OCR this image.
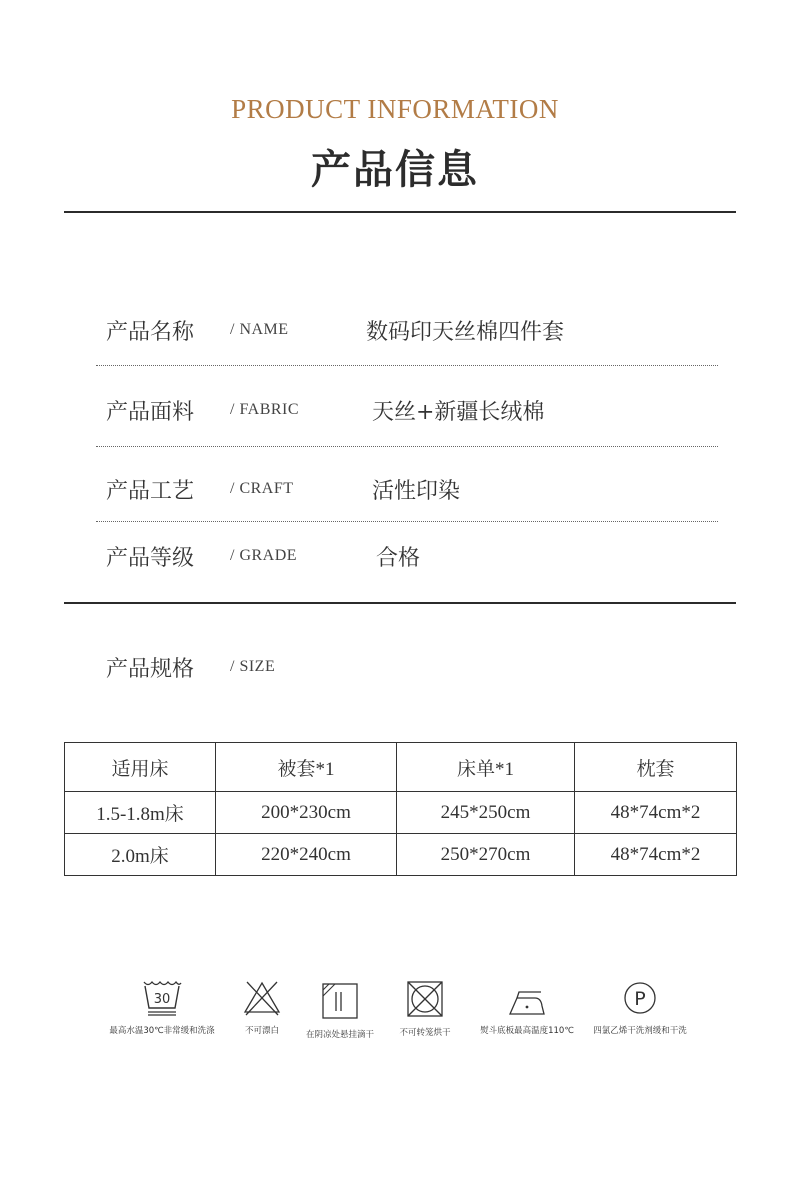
PRODUCT INFORMATION
产品信息
产品名称 / NAME	数码印天丝棉四件套
产品面料 / FABRIC	天丝+新疆长绒棉
产品工艺 / CRAFT	活性印染
产品等级 / GRADE	合格
产品规格 / SIZE
适用床	被套*1	床单*1	枕套
1.5-1.8m床	200*230cm	245*250cm	48*74cm*2
2.0m床	220*240cm	250*270cm	48*74cm*2
30
最高水温30℃非常缓和洗涤	不可漂白	在阴凉处悬挂滴干	不可转笼烘干	熨斗底板最高温度110℃
P
四氯乙烯干洗剂缓和干洗
